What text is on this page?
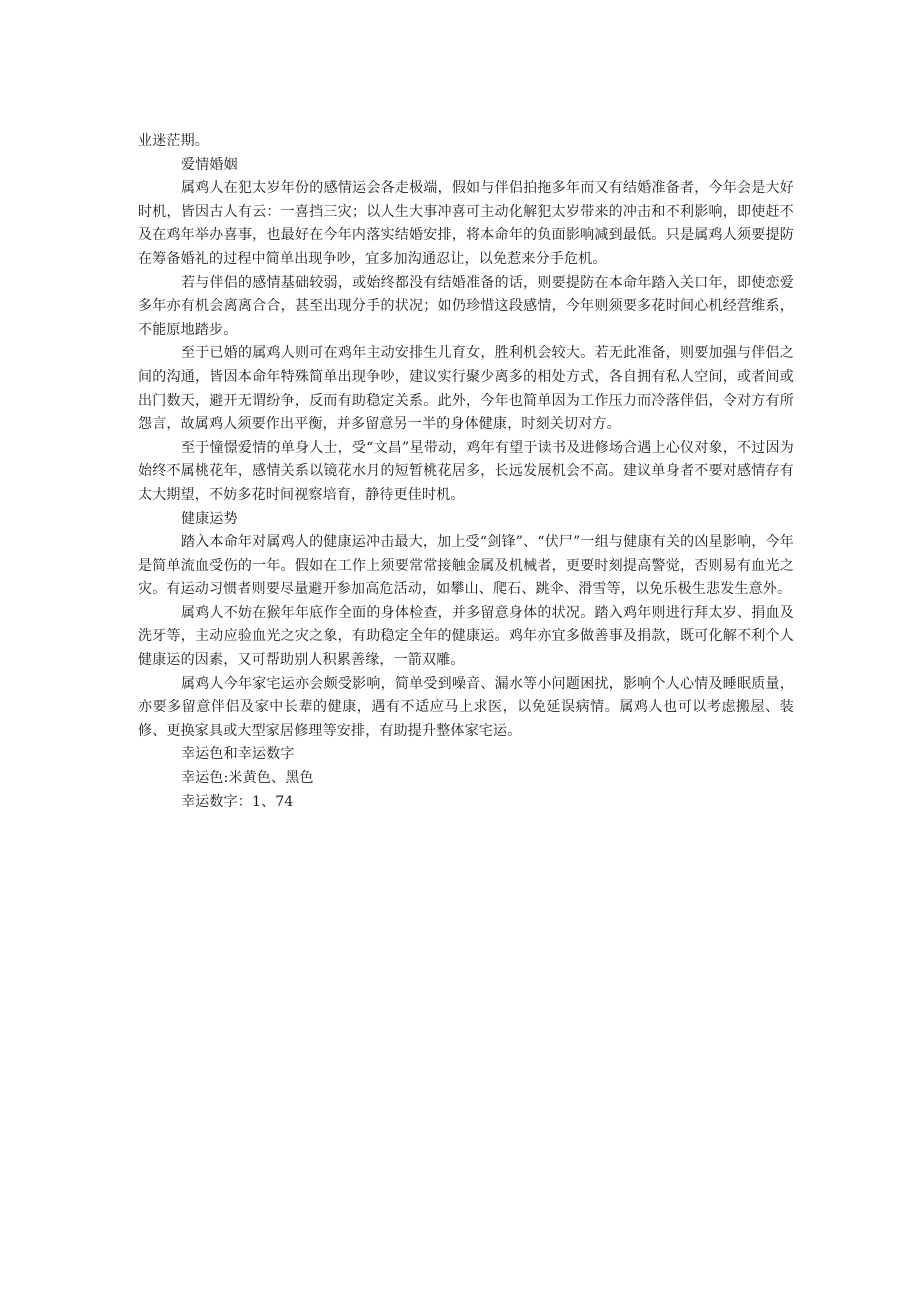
业迷茫期。

爱情婚姻

属鸡人在犯太岁年份的感情运会各走极端，假如与伴侣拍拖多年而又有结婚准备者，今年会是大好时机，皆因古人有云：一喜挡三灾；以人生大事冲喜可主动化解犯太岁带来的冲击和不利影响，即使赶不及在鸡年举办喜事，也最好在今年内落实结婚安排，将本命年的负面影响减到最低。只是属鸡人须要提防在筹备婚礼的过程中简单出现争吵，宜多加沟通忍让，以免惹来分手危机。

若与伴侣的感情基础较弱，或始终都没有结婚准备的话，则要提防在本命年踏入关口年，即使恋爱多年亦有机会离离合合，甚至出现分手的状况；如仍珍惜这段感情，今年则须要多花时间心机经营维系，不能原地踏步。

至于已婚的属鸡人则可在鸡年主动安排生儿育女，胜利机会较大。若无此准备，则要加强与伴侣之间的沟通，皆因本命年特殊简单出现争吵，建议实行聚少离多的相处方式，各自拥有私人空间，或者间或出门数天，避开无谓纷争，反而有助稳定关系。此外，今年也简单因为工作压力而冷落伴侣，令对方有所怨言，故属鸡人须要作出平衡，并多留意另一半的身体健康，时刻关切对方。

至于憧憬爱情的单身人士，受“文昌”星带动，鸡年有望于读书及进修场合遇上心仪对象，不过因为始终不属桃花年，感情关系以镜花水月的短暂桃花居多，长远发展机会不高。建议单身者不要对感情存有太大期望，不妨多花时间视察培育，静待更佳时机。

健康运势

踏入本命年对属鸡人的健康运冲击最大，加上受“剑锋”、“伏尸”一组与健康有关的凶星影响，今年是简单流血受伤的一年。假如在工作上须要常常接触金属及机械者，更要时刻提高警觉，否则易有血光之灾。有运动习惯者则要尽量避开参加高危活动，如攀山、爬石、跳伞、滑雪等，以免乐极生悲发生意外。

属鸡人不妨在猴年年底作全面的身体检查，并多留意身体的状况。踏入鸡年则进行拜太岁、捐血及洗牙等，主动应验血光之灾之象，有助稳定全年的健康运。鸡年亦宜多做善事及捐款，既可化解不利个人健康运的因素，又可帮助别人积累善缘，一箭双雕。

属鸡人今年家宅运亦会颇受影响，简单受到噪音、漏水等小问题困扰，影响个人心情及睡眠质量，亦要多留意伴侣及家中长辈的健康，遇有不适应马上求医，以免延误病情。属鸡人也可以考虑搬屋、装修、更换家具或大型家居修理等安排，有助提升整体家宅运。

幸运色和幸运数字

幸运色:米黄色、黑色

幸运数字：1、74
